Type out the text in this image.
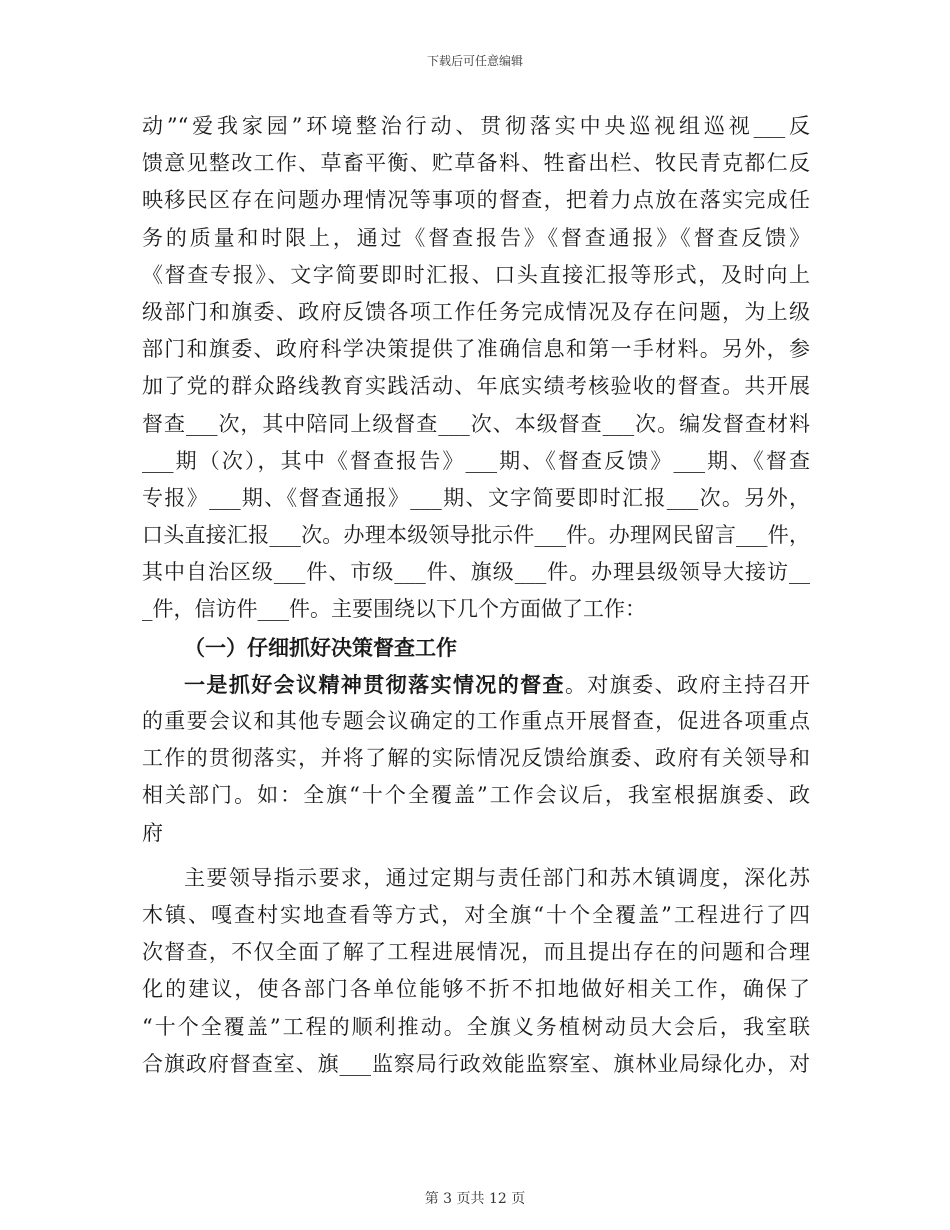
下载后可任意编辑
动”“爱我家园”环境整治行动、贯彻落实中央巡视组巡视___反
馈意见整改工作、草畜平衡、贮草备料、牲畜出栏、牧民青克都仁反
映移民区存在问题办理情况等事项的督查，把着力点放在落实完成任
务的质量和时限上，通过《督查报告》《督查通报》《督查反馈》
《督查专报》、文字简要即时汇报、口头直接汇报等形式，及时向上
级部门和旗委、政府反馈各项工作任务完成情况及存在问题，为上级
部门和旗委、政府科学决策提供了准确信息和第一手材料。另外，参
加了党的群众路线教育实践活动、年底实绩考核验收的督查。共开展
督查___次，其中陪同上级督查___次、本级督查___次。编发督查材料
___期（次），其中《督查报告》___期、《督查反馈》___期、《督查
专报》___期、《督查通报》___期、文字简要即时汇报___次。另外，
口头直接汇报___次。办理本级领导批示件___件。办理网民留言___件，
其中自治区级___件、市级___件、旗级___件。办理县级领导大接访__
_件，信访件___件。主要围绕以下几个方面做了工作：
（一）仔细抓好决策督查工作
一是抓好会议精神贯彻落实情况的督查。对旗委、政府主持召开
的重要会议和其他专题会议确定的工作重点开展督查，促进各项重点
工作的贯彻落实，并将了解的实际情况反馈给旗委、政府有关领导和
相关部门。如：全旗“十个全覆盖”工作会议后，我室根据旗委、政
府
主要领导指示要求，通过定期与责任部门和苏木镇调度，深化苏
木镇、嘎查村实地查看等方式，对全旗“十个全覆盖”工程进行了四
次督查，不仅全面了解了工程进展情况，而且提出存在的问题和合理
化的建议，使各部门各单位能够不折不扣地做好相关工作，确保了
“十个全覆盖”工程的顺利推动。全旗义务植树动员大会后，我室联
合旗政府督查室、旗___监察局行政效能监察室、旗林业局绿化办，对
第 3 页共 12 页
